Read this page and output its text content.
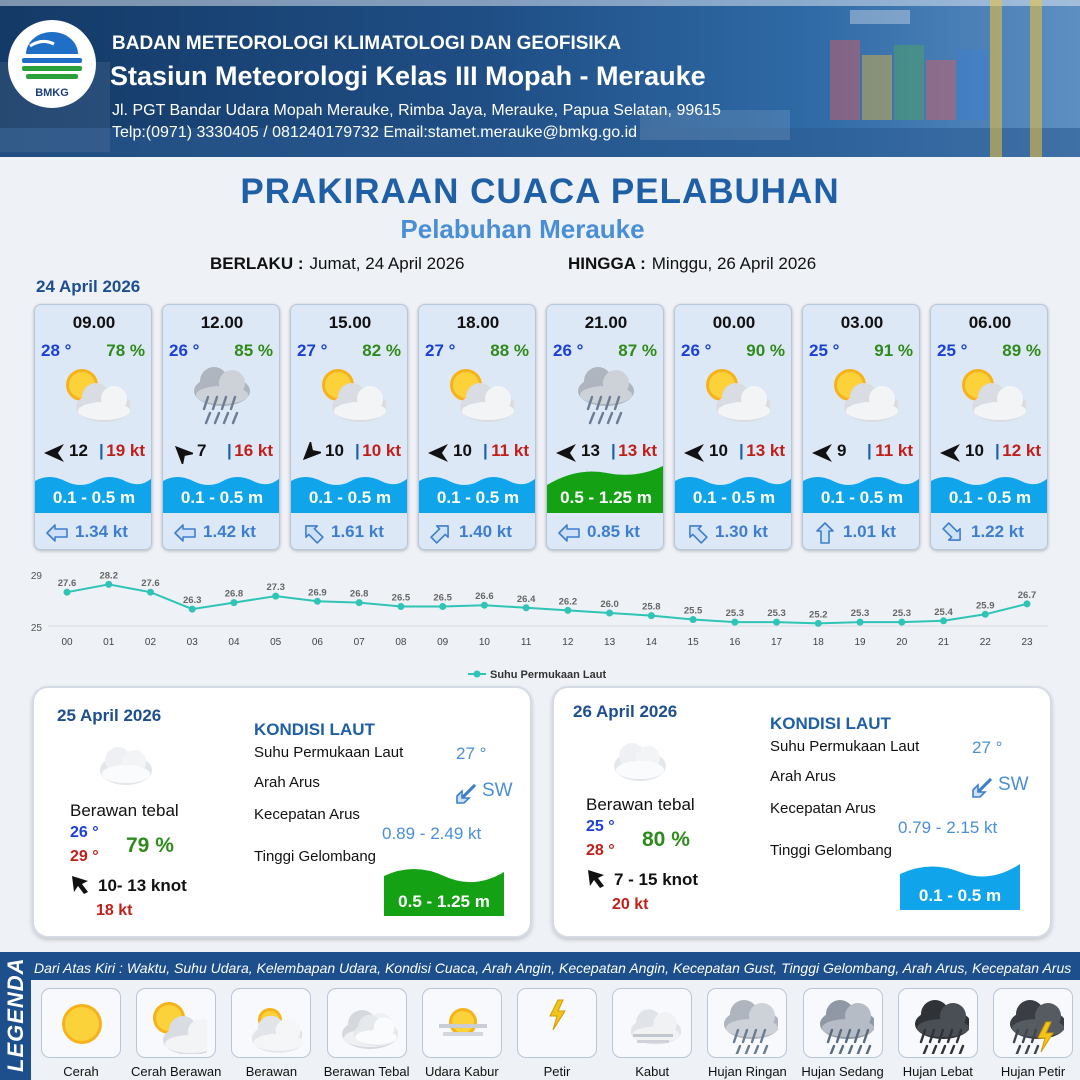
BMKG
BADAN METEOROLOGI KLIMATOLOGI DAN GEOFISIKA
Stasiun Meteorologi Kelas III Mopah - Merauke
Jl. PGT Bandar Udara Mopah Merauke, Rimba Jaya, Merauke, Papua Selatan, 99615
Telp:(0971) 3330405 / 081240179732 Email:stamet.merauke@bmkg.go.id
PRAKIRAAN CUACA PELABUHAN
Pelabuhan Merauke
BERLAKU : Jumat, 24 April 2026	HINGGA : Minggu, 26 April 2026
24 April 2026
09.00
28 ° 78 %
12 | 19 kt
0.1 - 0.5 m
1.34 kt
12.00
26 ° 85 %
7 | 16 kt
0.1 - 0.5 m
1.42 kt
15.00
27 ° 82 %
10 | 10 kt
0.1 - 0.5 m
1.61 kt
18.00
27 ° 88 %
10 | 11 kt
0.1 - 0.5 m
1.40 kt
21.00
26 ° 87 %
13 | 13 kt
0.5 - 1.25 m
0.85 kt
00.00
26 ° 90 %
10 | 13 kt
0.1 - 0.5 m
1.30 kt
03.00
25 ° 91 %
9 | 11 kt
0.1 - 0.5 m
1.01 kt
06.00
25 ° 89 %
10 | 12 kt
0.1 - 0.5 m
1.22 kt
29
25
27.6
00
28.2
01
27.6
02
26.3
03
26.8
04
27.3
05
26.9
06
26.8
07
26.5
08
26.5
09
26.6
10
26.4
11
26.2
12
26.0
13
25.8
14
25.5
15
25.3
16
25.3
17
25.2
18
25.3
19
25.3
20
25.4
21
25.9
22
26.7
23
Suhu Permukaan Laut
25 April 2026
Berawan tebal
26 °
29 ° 79 %
10- 13 knot
18 kt
KONDISI LAUT
Suhu Permukaan Laut	27 °
Arah Arus	SW
Kecepatan Arus
0.89 - 2.49 kt
Tinggi Gelombang
0.5 - 1.25 m
26 April 2026
Berawan tebal
25 °
28 ° 80 %
7 - 15 knot
20 kt
KONDISI LAUT
Suhu Permukaan Laut	27 °
Arah Arus	SW
Kecepatan Arus
0.79 - 2.15 kt
Tinggi Gelombang
0.1 - 0.5 m
LEGENDA Dari Atas Kiri : Waktu, Suhu Udara, Kelembapan Udara, Kondisi Cuaca, Arah Angin, Kecepatan Angin, Kecepatan Gust, Tinggi Gelombang, Arah Arus, Kecepatan Arus
Cerah	Cerah Berawan	Berawan	Berawan Tebal	Udara Kabur	Petir	Kabut	Hujan Ringan	Hujan Sedang	Hujan Lebat	Hujan Petir
